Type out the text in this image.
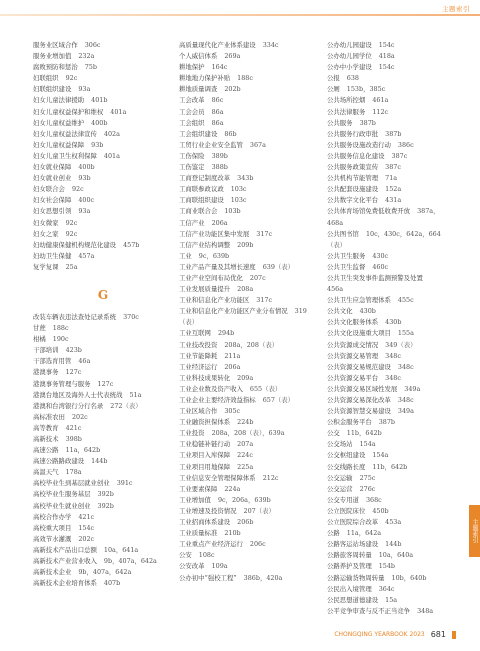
主题索引
服务业区域合作 306c
服务业增加值 232a
腐败预防和惩治 75b
妇联组织 92c
妇联组织建设 93a
妇女儿童法律援助 401b
妇女儿童权益保护和维权 401a
妇女儿童权益维护 400b
妇女儿童权益法律宣传 402a
妇女儿童权益保障 93b
妇女儿童卫生权利保障 401a
妇女就业保障 400b
妇女就业创业 93b
妇女联合会 92c
妇女社会保障 400c
妇女思想引领 93a
妇女微家 92c
妇女之家 92c
妇幼健康保健机构规范化建设 457b
妇幼卫生保健 457a
复学复课 25a
G
改装车辆表违法查处记录系统 370c
甘蔗 188c
柑橘 190c
干部培训 423b
干部选育用管 46a
港澳事务 127c
港澳事务管理与服务 127c
港澳台地区及海外人士代表统战 51a
港澳和台湾银行分行名录 272（表）
高标准农田 202c
高等教育 421c
高新技术 398b
高速公路 11a，642b
高速公路路政建设 144b
高温天气 178a
高校毕业生到基层就业创业 391c
高校毕业生服务基层 392b
高校毕业生就业创业 392b
高校合作办学 421c
高校重大项目 154c
高效节水灌溉 202c
高新技术产品出口总额 10a，641a
高新技术产业营业收入 9b，407a，642a
高新技术企业 9b，407a，642a
高新技术企业培育体系 407b
高质量现代化产业体系建设 334c
个人威信体系 269a
耕地保护 164c
耕地地力保护补贴 188c
耕地质量调查 202b
工会改革 86c
工会会员 86a
工会组织 86a
工会组织建设 86b
工贸行业企业安全监管 367a
工伤保险 389b
工伤鉴定 388b
工商登记制度改革 343b
工商联参政议政 103c
工商联组织建设 103c
工商业联合会 103b
工信产业 206a
工信产业功能区集中发展 317c
工信产业结构调整 209b
工业 9c，639b
工业产品产量及其增长速度 639（表）
工业产业空间布局优化 207c
工业发展质量提升 208a
工业和信息化产业功能区 317c
工业和信息化产业功能区产业分布情况 319（表）
工业互联网 294b
工业技改投资 208a，208（表）
工业节能降耗 211a
工业经济运行 206a
工业科技成果转化 209a
工业企业数及资产收入 655（表）
工业企业主要经济效益指标 657（表）
工业区域合作 305c
工业融资担保体系 224b
工业投资 208a，208（表），639a
工业稳链补链行动 207a
工业项目入库保障 224c
工业项目用地保障 225a
工业信息安全管理保障体系 212c
工业要素保障 224a
工业增加值 9c，206a，639b
工业增速及投资情况 207（表）
工业招商体系建设 206b
工业质量标准 210b
工业重点产业经济运行 206c
公安 108c
公安改革 109a
公办初中“强校工程” 386b，420a
公办幼儿园建设 154c
公办幼儿园学位 418a
公办中小学建设 154c
公报 638
公厕 153b，385c
公共场所控烟 461a
公共法律服务 112c
公共服务 387b
公共服务行政审批 387b
公共服务设施改造行动 386c
公共服务信息化建设 387c
公共服务政策宣传 387c
公共机构节能管理 71a
公共配套设施建设 152a
公共数字文化平台 431a
公共体育场馆免费低收费开放 387a，468a
公共图书馆 10c，430c，642a，664（表）
公共卫生服务 430c
公共卫生监督 460c
公共卫生突发事件监测预警及处置456a
公共卫生应急管理体系 455c
公共文化 430b
公共文化服务体系 430b
公共文化设施重大项目 155a
公共资源成交情况 349（表）
公共资源交易管理 348c
公共资源交易规范建设 348c
公共资源交易平台 348c
公共资源交易区域性发展 349a
公共资源交易深化改革 348c
公共资源智慧交易建设 349a
公积金服务平台 387b
公交 11b，642b
公交场站 154a
公交枢纽建设 154a
公交线路长度 11b，642b
公交运输 275c
公交运营 276c
公交专用道 368c
公立医院床位 450b
公立医院综合改革 453a
公路 11a，642a
公路客运站场建设 144b
公路旅客周转量 10a，640a
公路养护及管理 154b
公路运输货物周转量 10b，640b
公民出入境管理 364c
公民思想道德建设 15a
公平竞争审查与反不正当竞争 348a
主题索引
CHONGQING YEARBOOK 2023 681
